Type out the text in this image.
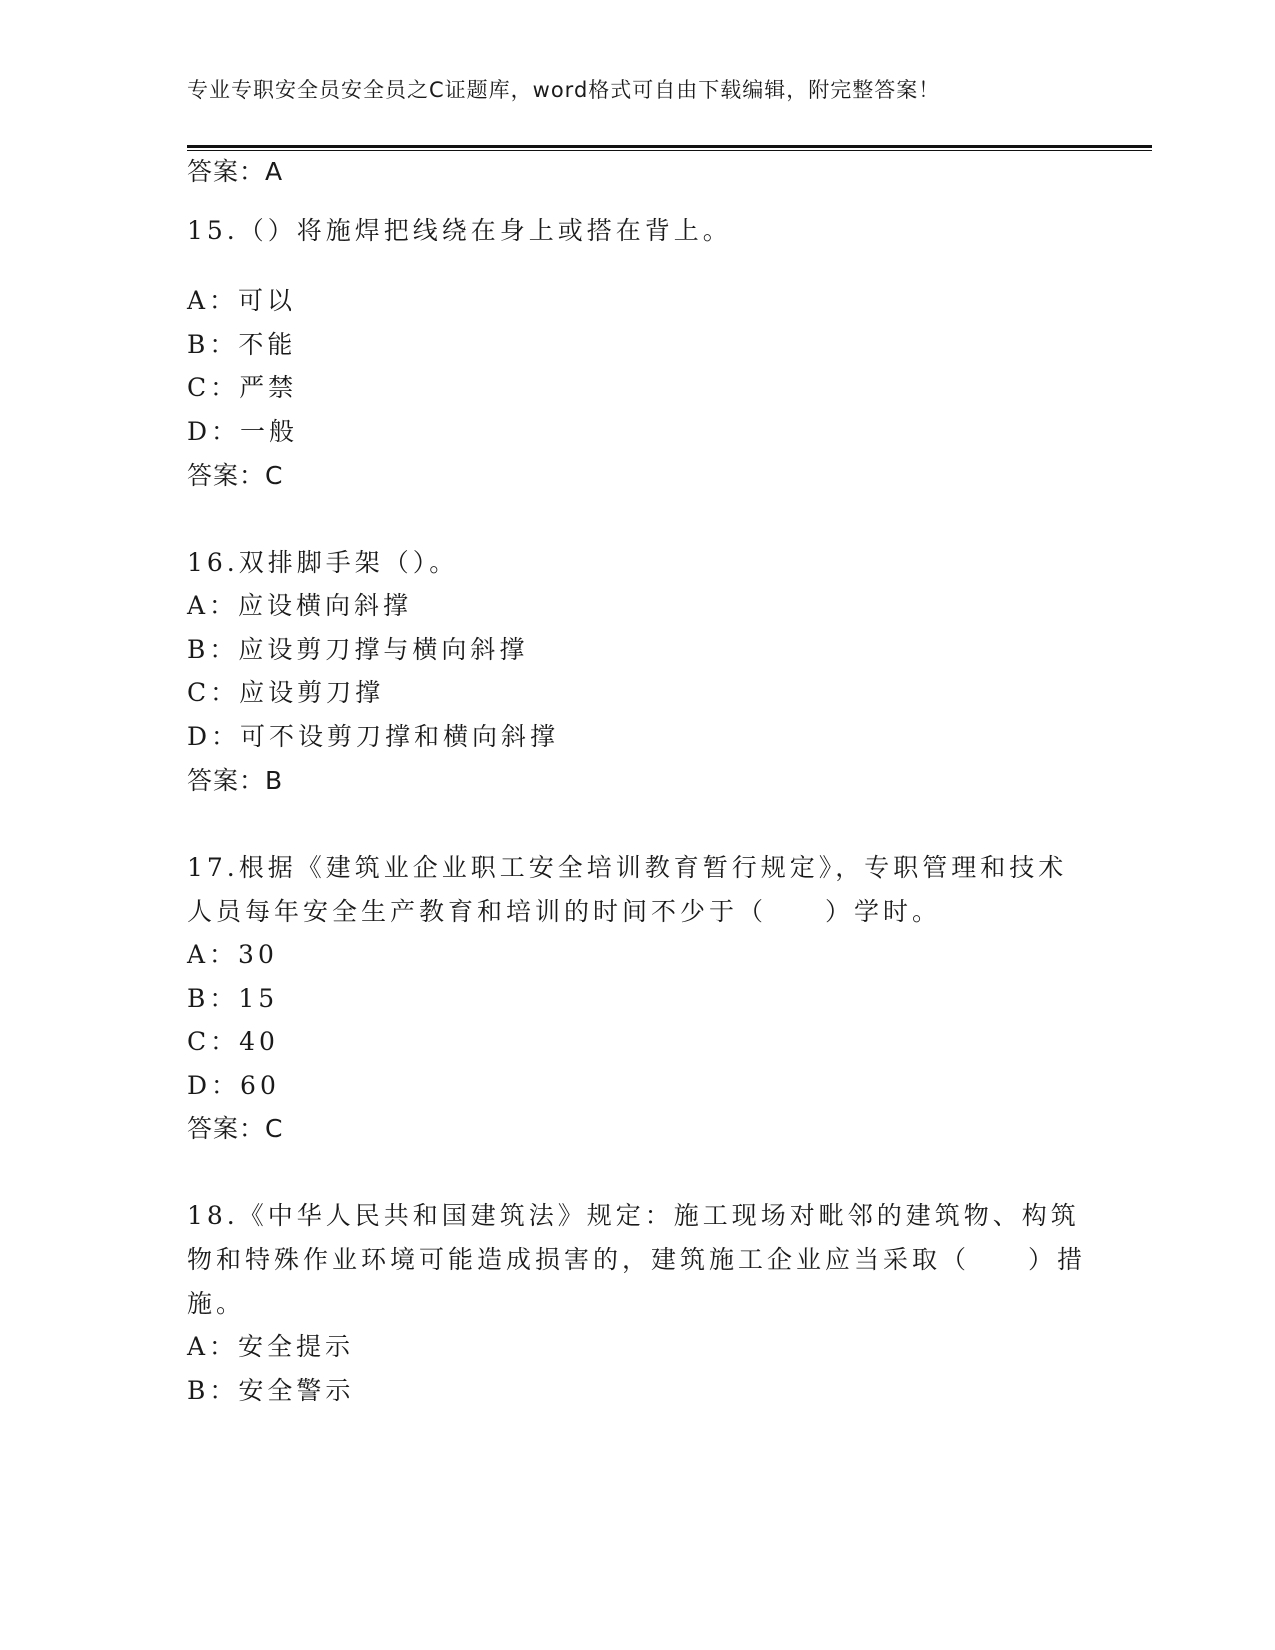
专业专职安全员安全员之C证题库，word格式可自由下载编辑，附完整答案！
答案：A
15.（）将施焊把线绕在身上或搭在背上。
A：可以
B：不能
C：严禁
D：一般
答案：C
16.双排脚手架（）。
A：应设横向斜撑
B：应设剪刀撑与横向斜撑
C：应设剪刀撑
D：可不设剪刀撑和横向斜撑
答案：B
17.根据《建筑业企业职工安全培训教育暂行规定》，专职管理和技术
人员每年安全生产教育和培训的时间不少于（　　）学时。
A：30
B：15
C：40
D：60
答案：C
18.《中华人民共和国建筑法》规定：施工现场对毗邻的建筑物、构筑
物和特殊作业环境可能造成损害的，建筑施工企业应当采取（　　）措
施。
A：安全提示
B：安全警示
